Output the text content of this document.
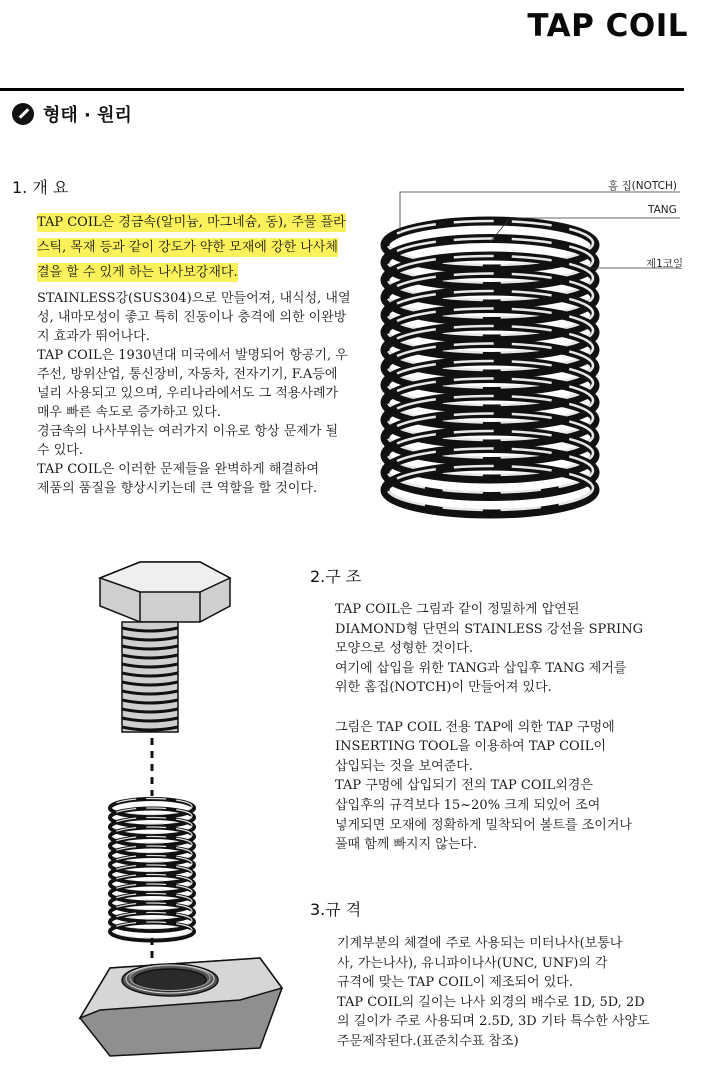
TAP COIL
형태 · 원리
1. 개 요

TAP COIL은 경금속(알미늄, 마그네슘, 동), 주물 플라

스틱, 목재 등과 같이 강도가 약한 모재에 강한 나사체

결을 할 수 있게 하는 나사보강재다.

STAINLESS강(SUS304)으로 만들어져, 내식성, 내열

성, 내마모성이 좋고 특히 진동이나 충격에 의한 이완방

지 효과가 뛰어나다.

TAP COIL은 1930년대 미국에서 발명되어 항공기, 우

주선, 방위산업, 통신장비, 자동차, 전자기기, F.A등에

널리 사용되고 있으며, 우리나라에서도 그 적용사례가

매우 빠른 속도로 증가하고 있다.

경금속의 나사부위는 여러가지 이유로 항상 문제가 될

수 있다.

TAP COIL은 이러한 문제들을 완벽하게 해결하여

제품의 품질을 향상시키는데 큰 역할을 할 것이다.

홈 집(NOTCH)
TANG
제1코일
2.구 조

TAP COIL은 그림과 같이 정밀하게 압연된

DIAMOND형 단면의 STAINLESS 강선을 SPRING

모양으로 성형한 것이다.

여기에 삽입을 위한 TANG과 삽입후 TANG 제거를

위한 홈집(NOTCH)이 만들어져 있다.

그림은 TAP COIL 전용 TAP에 의한 TAP 구멍에

INSERTING TOOL을 이용하여 TAP COIL이

삽입되는 것을 보여준다.

TAP 구멍에 삽입되기 전의 TAP COIL외경은

삽입후의 규격보다 15~20% 크게 되있어 조여

넣게되면 모재에 정확하게 밀착되어 볼트를 조이거나

풀때 함께 빠지지 않는다.

3.규 격

기계부분의 체결에 주로 사용되는 미터나사(보통나

사, 가는나사), 유니파이나사(UNC, UNF)의 각

규격에 맞는 TAP COIL이 제조되어 있다.

TAP COIL의 길이는 나사 외경의 배수로 1D, 5D, 2D

의 길이가 주로 사용되며 2.5D, 3D 기타 특수한 사양도

주문제작된다.(표준치수표 참조)
